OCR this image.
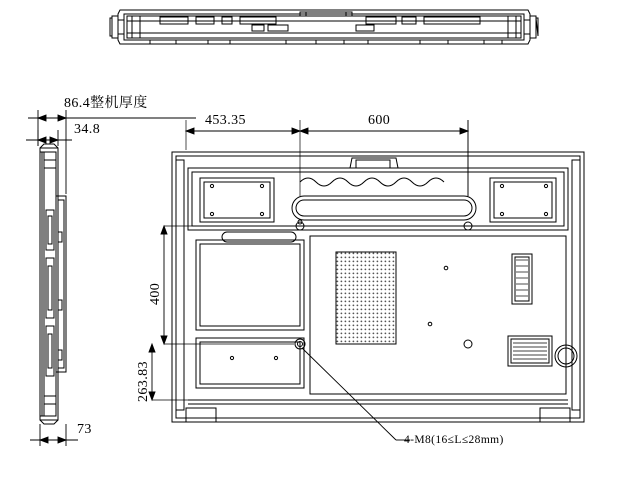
86.4整机厚度
34.8
73
453.35	600
400
263.83
4-M8(16≤L≤28mm)
